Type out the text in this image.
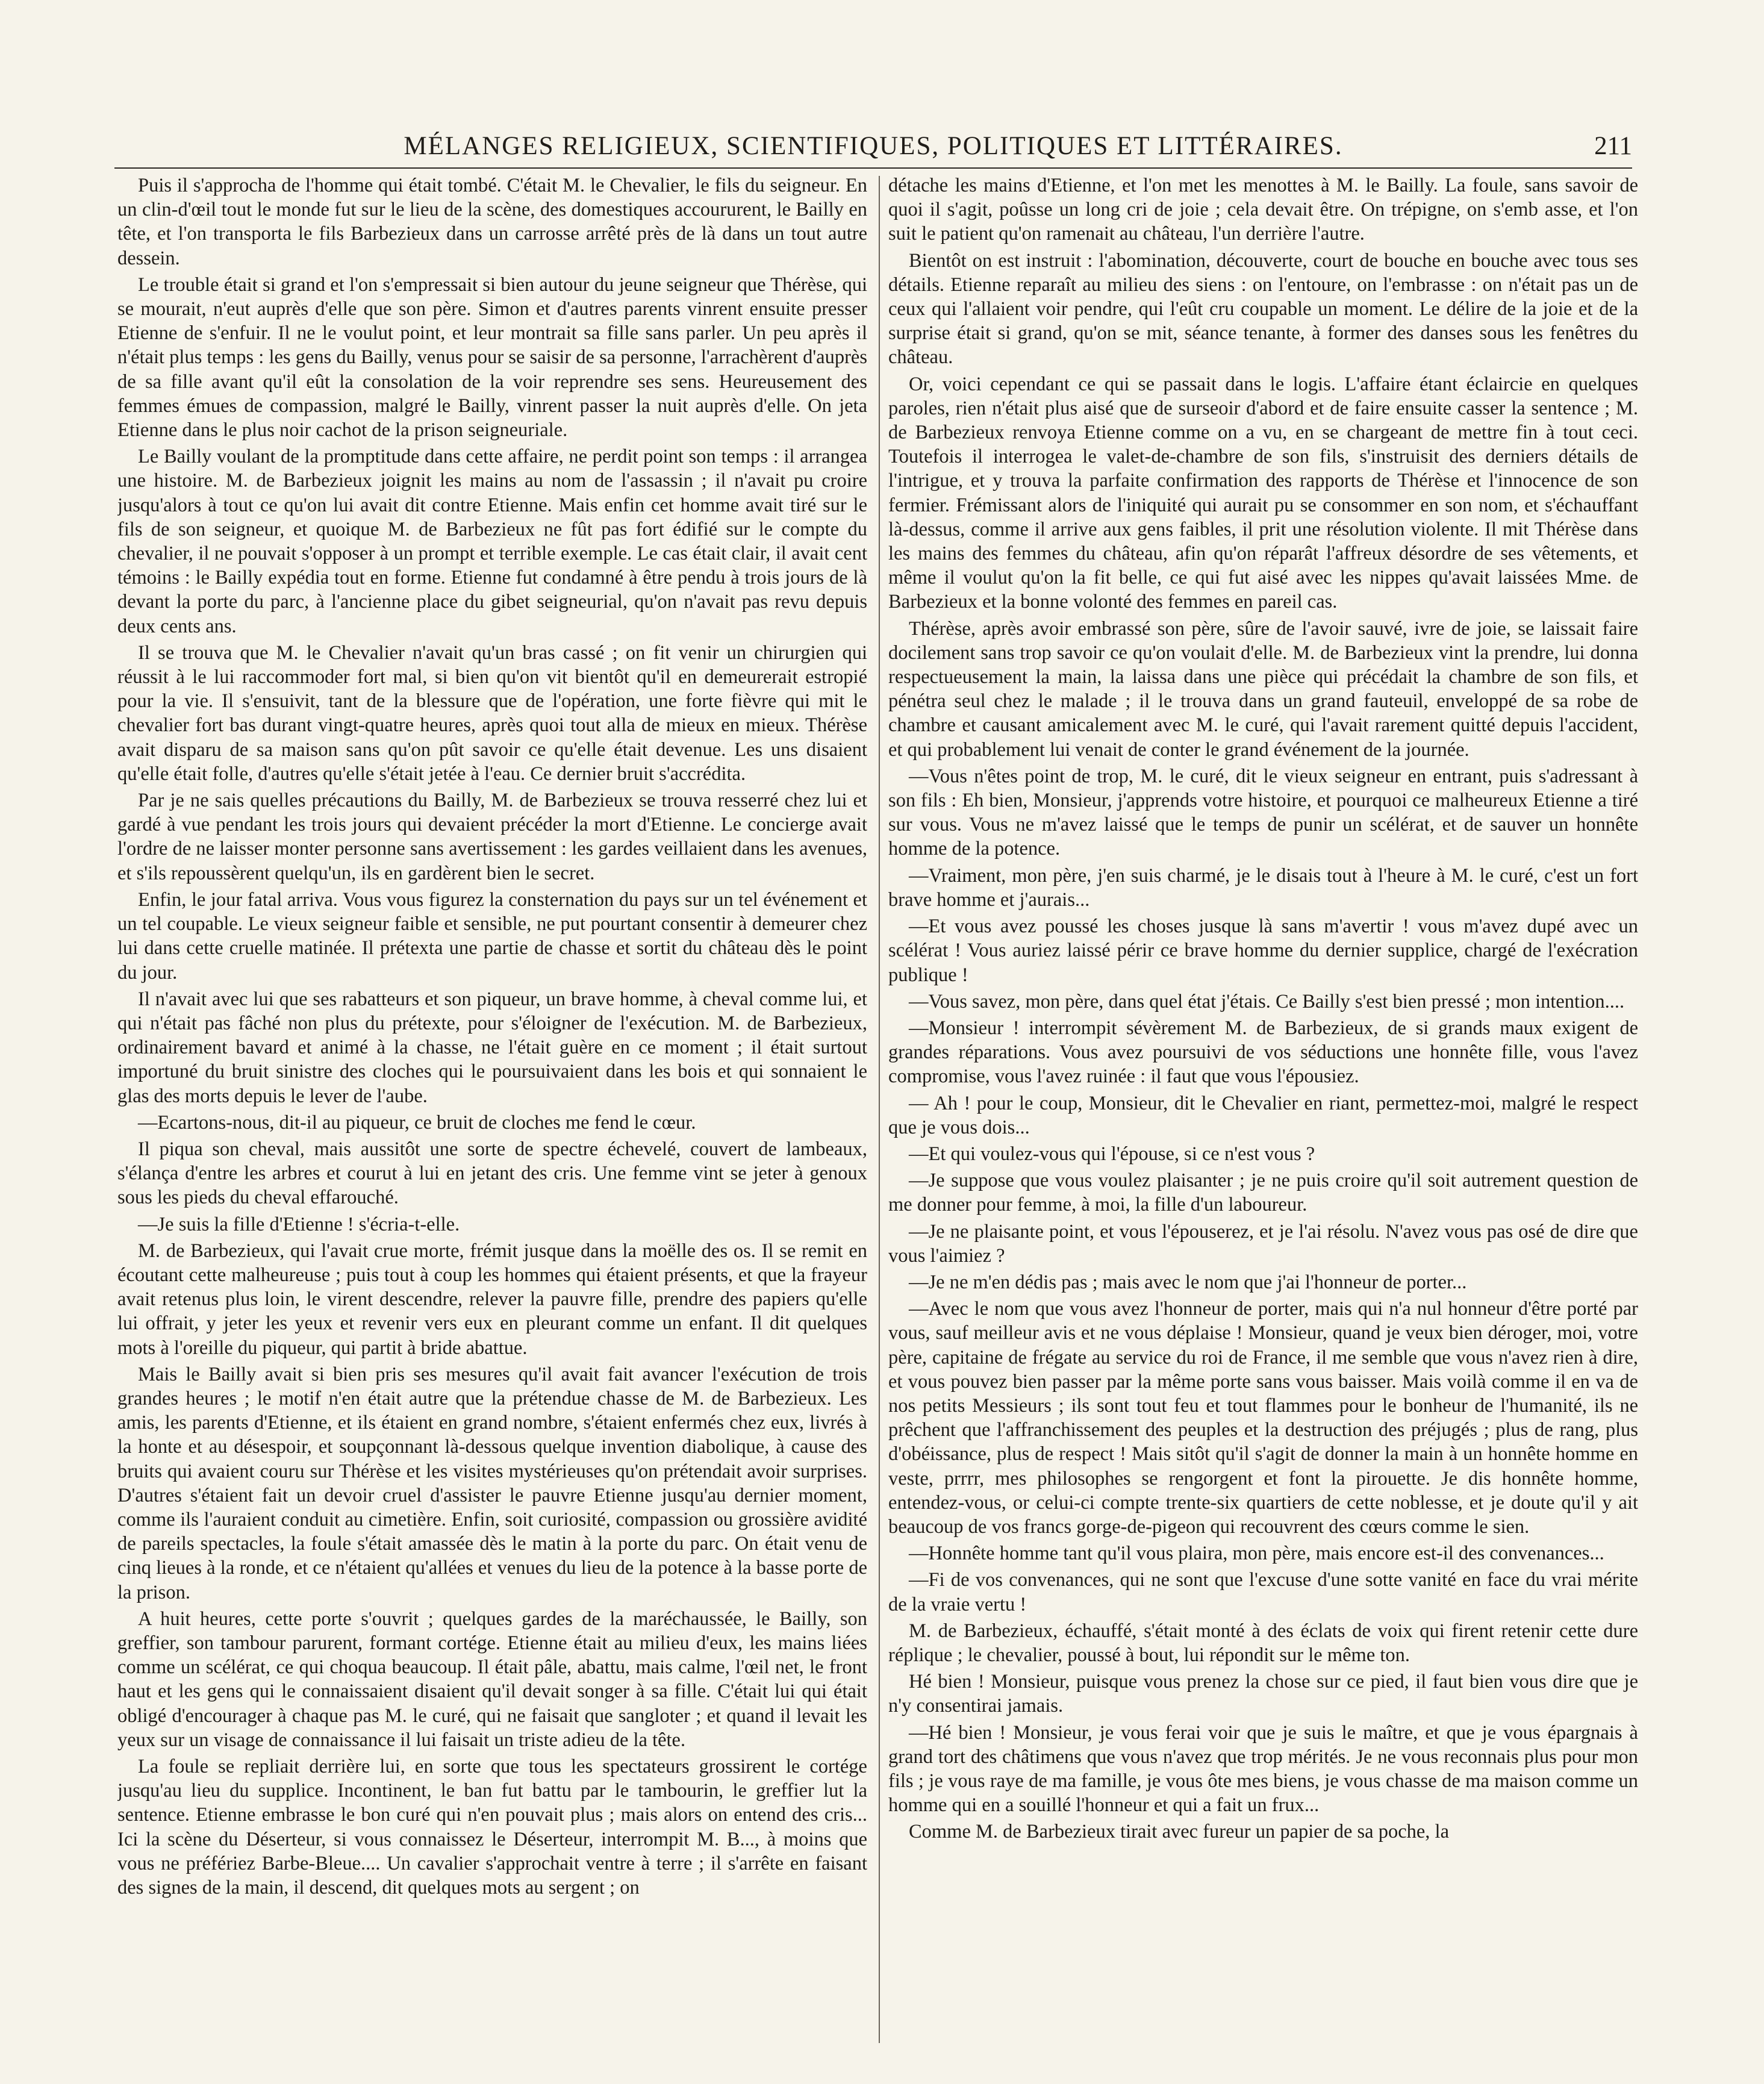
MÉLANGES RELIGIEUX, SCIENTIFIQUES, POLITIQUES ET LITTÉRAIRES.	211

Puis il s'approcha de l'homme qui était tombé. C'était M. le Chevalier, le fils du seigneur. En un clin-d'œil tout le monde fut sur le lieu de la scène, des domestiques accoururent, le Bailly en tête, et l'on transporta le fils Barbezieux dans un carrosse arrêté près de là dans un tout autre dessein.

Le trouble était si grand et l'on s'empressait si bien autour du jeune seigneur que Thérèse, qui se mourait, n'eut auprès d'elle que son père. Simon et d'autres parents vinrent ensuite presser Etienne de s'enfuir. Il ne le voulut point, et leur montrait sa fille sans parler. Un peu après il n'était plus temps : les gens du Bailly, venus pour se saisir de sa personne, l'arrachèrent d'auprès de sa fille avant qu'il eût la consolation de la voir reprendre ses sens. Heureusement des femmes émues de compassion, malgré le Bailly, vinrent passer la nuit auprès d'elle. On jeta Etienne dans le plus noir cachot de la prison seigneuriale.

Le Bailly voulant de la promptitude dans cette affaire, ne perdit point son temps : il arrangea une histoire. M. de Barbezieux joignit les mains au nom de l'assassin ; il n'avait pu croire jusqu'alors à tout ce qu'on lui avait dit contre Etienne. Mais enfin cet homme avait tiré sur le fils de son seigneur, et quoique M. de Barbezieux ne fût pas fort édifié sur le compte du chevalier, il ne pouvait s'opposer à un prompt et terrible exemple. Le cas était clair, il avait cent témoins : le Bailly expédia tout en forme. Etienne fut condamné à être pendu à trois jours de là devant la porte du parc, à l'ancienne place du gibet seigneurial, qu'on n'avait pas revu depuis deux cents ans.

Il se trouva que M. le Chevalier n'avait qu'un bras cassé ; on fit venir un chirurgien qui réussit à le lui raccommoder fort mal, si bien qu'on vit bientôt qu'il en demeurerait estropié pour la vie. Il s'ensuivit, tant de la blessure que de l'opération, une forte fièvre qui mit le chevalier fort bas durant vingt-quatre heures, après quoi tout alla de mieux en mieux. Thérèse avait disparu de sa maison sans qu'on pût savoir ce qu'elle était devenue. Les uns disaient qu'elle était folle, d'autres qu'elle s'était jetée à l'eau. Ce dernier bruit s'accrédita.

Par je ne sais quelles précautions du Bailly, M. de Barbezieux se trouva resserré chez lui et gardé à vue pendant les trois jours qui devaient précéder la mort d'Etienne. Le concierge avait l'ordre de ne laisser monter personne sans avertissement : les gardes veillaient dans les avenues, et s'ils repoussèrent quelqu'un, ils en gardèrent bien le secret.

Enfin, le jour fatal arriva. Vous vous figurez la consternation du pays sur un tel événement et un tel coupable. Le vieux seigneur faible et sensible, ne put pourtant consentir à demeurer chez lui dans cette cruelle matinée. Il prétexta une partie de chasse et sortit du château dès le point du jour.

Il n'avait avec lui que ses rabatteurs et son piqueur, un brave homme, à cheval comme lui, et qui n'était pas fâché non plus du prétexte, pour s'éloigner de l'exécution. M. de Barbezieux, ordinairement bavard et animé à la chasse, ne l'était guère en ce moment ; il était surtout importuné du bruit sinistre des cloches qui le poursuivaient dans les bois et qui sonnaient le glas des morts depuis le lever de l'aube.

—Ecartons-nous, dit-il au piqueur, ce bruit de cloches me fend le cœur.

Il piqua son cheval, mais aussitôt une sorte de spectre échevelé, couvert de lambeaux, s'élança d'entre les arbres et courut à lui en jetant des cris. Une femme vint se jeter à genoux sous les pieds du cheval effarouché.

—Je suis la fille d'Etienne ! s'écria-t-elle.

M. de Barbezieux, qui l'avait crue morte, frémit jusque dans la moëlle des os. Il se remit en écoutant cette malheureuse ; puis tout à coup les hommes qui étaient présents, et que la frayeur avait retenus plus loin, le virent descendre, relever la pauvre fille, prendre des papiers qu'elle lui offrait, y jeter les yeux et revenir vers eux en pleurant comme un enfant. Il dit quelques mots à l'oreille du piqueur, qui partit à bride abattue.

Mais le Bailly avait si bien pris ses mesures qu'il avait fait avancer l'exécution de trois grandes heures ; le motif n'en était autre que la prétendue chasse de M. de Barbezieux. Les amis, les parents d'Etienne, et ils étaient en grand nombre, s'étaient enfermés chez eux, livrés à la honte et au désespoir, et soupçonnant là-dessous quelque invention diabolique, à cause des bruits qui avaient couru sur Thérèse et les visites mystérieuses qu'on prétendait avoir surprises. D'autres s'étaient fait un devoir cruel d'assister le pauvre Etienne jusqu'au dernier moment, comme ils l'auraient conduit au cimetière. Enfin, soit curiosité, compassion ou grossière avidité de pareils spectacles, la foule s'était amassée dès le matin à la porte du parc. On était venu de cinq lieues à la ronde, et ce n'étaient qu'allées et venues du lieu de la potence à la basse porte de la prison.

A huit heures, cette porte s'ouvrit ; quelques gardes de la maréchaussée, le Bailly, son greffier, son tambour parurent, formant cortége. Etienne était au milieu d'eux, les mains liées comme un scélérat, ce qui choqua beaucoup. Il était pâle, abattu, mais calme, l'œil net, le front haut et les gens qui le connaissaient disaient qu'il devait songer à sa fille. C'était lui qui était obligé d'encourager à chaque pas M. le curé, qui ne faisait que sangloter ; et quand il levait les yeux sur un visage de connaissance il lui faisait un triste adieu de la tête.

La foule se repliait derrière lui, en sorte que tous les spectateurs grossirent le cortége jusqu'au lieu du supplice. Incontinent, le ban fut battu par le tambourin, le greffier lut la sentence. Etienne embrasse le bon curé qui n'en pouvait plus ; mais alors on entend des cris... Ici la scène du Déserteur, si vous connaissez le Déserteur, interrompit M. B..., à moins que vous ne préfériez Barbe-Bleue.... Un cavalier s'approchait ventre à terre ; il s'arrête en faisant des signes de la main, il descend, dit quelques mots au sergent ; on

détache les mains d'Etienne, et l'on met les menottes à M. le Bailly. La foule, sans savoir de quoi il s'agit, poûsse un long cri de joie ; cela devait être. On trépigne, on s'emb asse, et l'on suit le patient qu'on ramenait au château, l'un derrière l'autre.

Bientôt on est instruit : l'abomination, découverte, court de bouche en bouche avec tous ses détails. Etienne reparaît au milieu des siens : on l'entoure, on l'embrasse : on n'était pas un de ceux qui l'allaient voir pendre, qui l'eût cru coupable un moment. Le délire de la joie et de la surprise était si grand, qu'on se mit, séance tenante, à former des danses sous les fenêtres du château.

Or, voici cependant ce qui se passait dans le logis. L'affaire étant éclaircie en quelques paroles, rien n'était plus aisé que de surseoir d'abord et de faire ensuite casser la sentence ; M. de Barbezieux renvoya Etienne comme on a vu, en se chargeant de mettre fin à tout ceci. Toutefois il interrogea le valet-de-chambre de son fils, s'instruisit des derniers détails de l'intrigue, et y trouva la parfaite confirmation des rapports de Thérèse et l'innocence de son fermier. Frémissant alors de l'iniquité qui aurait pu se consommer en son nom, et s'échauffant là-dessus, comme il arrive aux gens faibles, il prit une résolution violente. Il mit Thérèse dans les mains des femmes du château, afin qu'on réparât l'affreux désordre de ses vêtements, et même il voulut qu'on la fit belle, ce qui fut aisé avec les nippes qu'avait laissées Mme. de Barbezieux et la bonne volonté des femmes en pareil cas.

Thérèse, après avoir embrassé son père, sûre de l'avoir sauvé, ivre de joie, se laissait faire docilement sans trop savoir ce qu'on voulait d'elle. M. de Barbezieux vint la prendre, lui donna respectueusement la main, la laissa dans une pièce qui précédait la chambre de son fils, et pénétra seul chez le malade ; il le trouva dans un grand fauteuil, enveloppé de sa robe de chambre et causant amicalement avec M. le curé, qui l'avait rarement quitté depuis l'accident, et qui probablement lui venait de conter le grand événement de la journée.

—Vous n'êtes point de trop, M. le curé, dit le vieux seigneur en entrant, puis s'adressant à son fils : Eh bien, Monsieur, j'apprends votre histoire, et pourquoi ce malheureux Etienne a tiré sur vous. Vous ne m'avez laissé que le temps de punir un scélérat, et de sauver un honnête homme de la potence.

—Vraiment, mon père, j'en suis charmé, je le disais tout à l'heure à M. le curé, c'est un fort brave homme et j'aurais...

—Et vous avez poussé les choses jusque là sans m'avertir ! vous m'avez dupé avec un scélérat ! Vous auriez laissé périr ce brave homme du dernier supplice, chargé de l'exécration publique !

—Vous savez, mon père, dans quel état j'étais. Ce Bailly s'est bien pressé ; mon intention....

—Monsieur ! interrompit sévèrement M. de Barbezieux, de si grands maux exigent de grandes réparations. Vous avez poursuivi de vos séductions une honnête fille, vous l'avez compromise, vous l'avez ruinée : il faut que vous l'épousiez.

— Ah ! pour le coup, Monsieur, dit le Chevalier en riant, permettez-moi, malgré le respect que je vous dois...

—Et qui voulez-vous qui l'épouse, si ce n'est vous ?

—Je suppose que vous voulez plaisanter ; je ne puis croire qu'il soit autrement question de me donner pour femme, à moi, la fille d'un laboureur.

—Je ne plaisante point, et vous l'épouserez, et je l'ai résolu. N'avez vous pas osé de dire que vous l'aimiez ?

—Je ne m'en dédis pas ; mais avec le nom que j'ai l'honneur de porter...

—Avec le nom que vous avez l'honneur de porter, mais qui n'a nul honneur d'être porté par vous, sauf meilleur avis et ne vous déplaise ! Monsieur, quand je veux bien déroger, moi, votre père, capitaine de frégate au service du roi de France, il me semble que vous n'avez rien à dire, et vous pouvez bien passer par la même porte sans vous baisser. Mais voilà comme il en va de nos petits Messieurs ; ils sont tout feu et tout flammes pour le bonheur de l'humanité, ils ne prêchent que l'affranchissement des peuples et la destruction des préjugés ; plus de rang, plus d'obéissance, plus de respect ! Mais sitôt qu'il s'agit de donner la main à un honnête homme en veste, prrrr, mes philosophes se rengorgent et font la pirouette. Je dis honnête homme, entendez-vous, or celui-ci compte trente-six quartiers de cette noblesse, et je doute qu'il y ait beaucoup de vos francs gorge-de-pigeon qui recouvrent des cœurs comme le sien.

—Honnête homme tant qu'il vous plaira, mon père, mais encore est-il des convenances...

—Fi de vos convenances, qui ne sont que l'excuse d'une sotte vanité en face du vrai mérite de la vraie vertu !

M. de Barbezieux, échauffé, s'était monté à des éclats de voix qui firent retenir cette dure réplique ; le chevalier, poussé à bout, lui répondit sur le même ton.

Hé bien ! Monsieur, puisque vous prenez la chose sur ce pied, il faut bien vous dire que je n'y consentirai jamais.

—Hé bien ! Monsieur, je vous ferai voir que je suis le maître, et que je vous épargnais à grand tort des châtimens que vous n'avez que trop mérités. Je ne vous reconnais plus pour mon fils ; je vous raye de ma famille, je vous ôte mes biens, je vous chasse de ma maison comme un homme qui en a souillé l'honneur et qui a fait un frux...

Comme M. de Barbezieux tirait avec fureur un papier de sa poche, la
